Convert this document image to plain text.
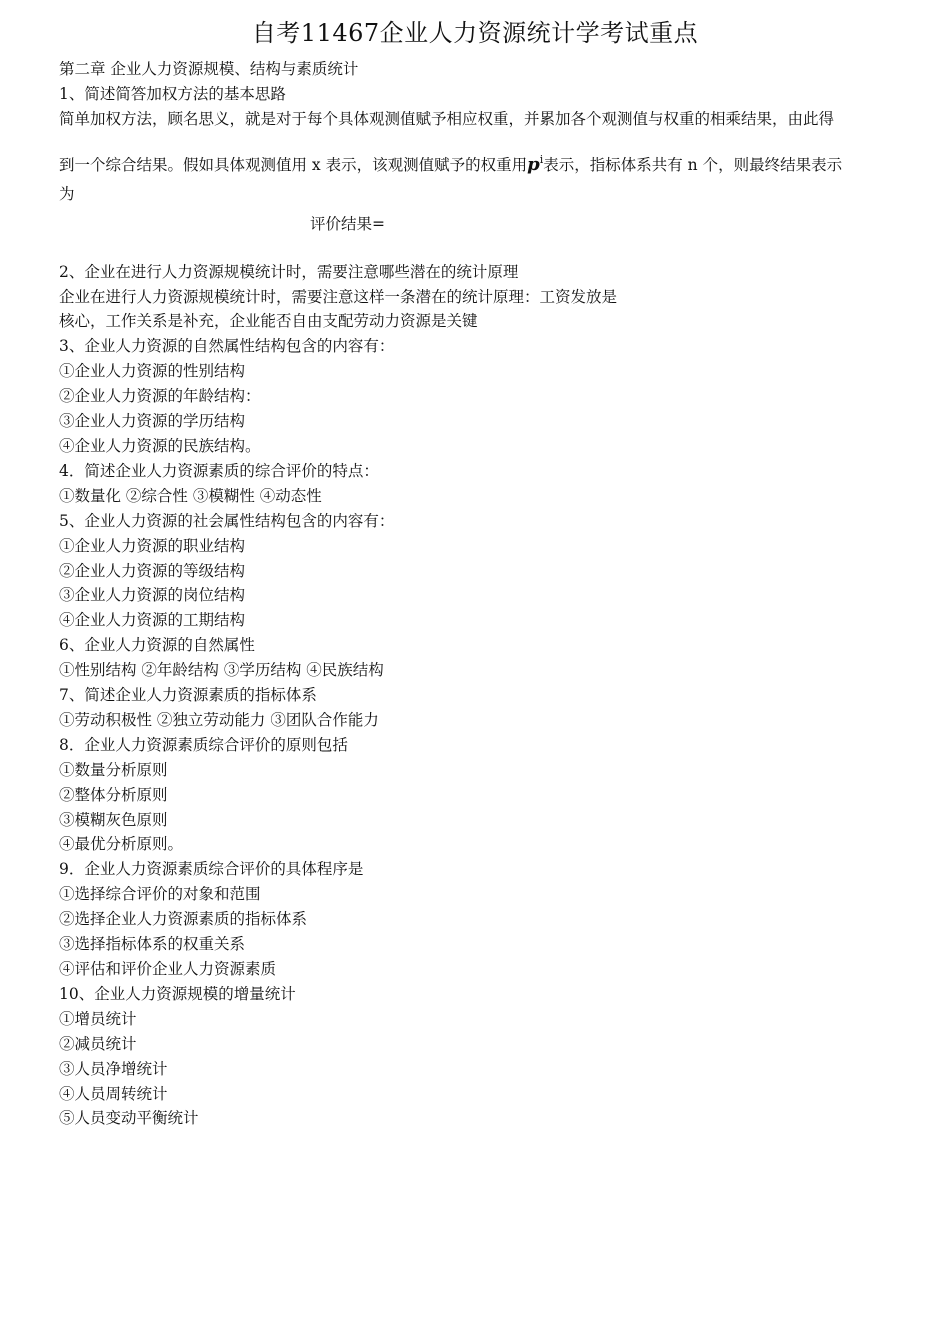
自考11467企业人力资源统计学考试重点
第二章 企业人力资源规模、结构与素质统计
1、简述简答加权方法的基本思路
简单加权方法，顾名思义，就是对于每个具体观测值赋予相应权重，并累加各个观测值与权重的相乘结果，由此得
到一个综合结果。假如具体观测值用 x 表示，该观测值赋予的权重用$p^i$表示，指标体系共有 n 个，则最终结果表示
为
评价结果=
2、企业在进行人力资源规模统计时，需要注意哪些潜在的统计原理
企业在进行人力资源规模统计时，需要注意这样一条潜在的统计原理：工资发放是
核心，工作关系是补充，企业能否自由支配劳动力资源是关键
3、企业人力资源的自然属性结构包含的内容有：
①企业人力资源的性别结构
②企业人力资源的年龄结构：
③企业人力资源的学历结构
④企业人力资源的民族结构。
4．简述企业人力资源素质的综合评价的特点：
①数量化 ②综合性 ③模糊性 ④动态性
5、企业人力资源的社会属性结构包含的内容有：
①企业人力资源的职业结构
②企业人力资源的等级结构
③企业人力资源的岗位结构
④企业人力资源的工期结构
6、企业人力资源的自然属性
①性别结构 ②年龄结构 ③学历结构 ④民族结构
7、简述企业人力资源素质的指标体系
①劳动积极性 ②独立劳动能力 ③团队合作能力
8．企业人力资源素质综合评价的原则包括
①数量分析原则
②整体分析原则
③模糊灰色原则
④最优分析原则。
9．企业人力资源素质综合评价的具体程序是
①选择综合评价的对象和范围
②选择企业人力资源素质的指标体系
③选择指标体系的权重关系
④评估和评价企业人力资源素质
10、企业人力资源规模的增量统计
①增员统计
②减员统计
③人员净增统计
④人员周转统计
⑤人员变动平衡统计
